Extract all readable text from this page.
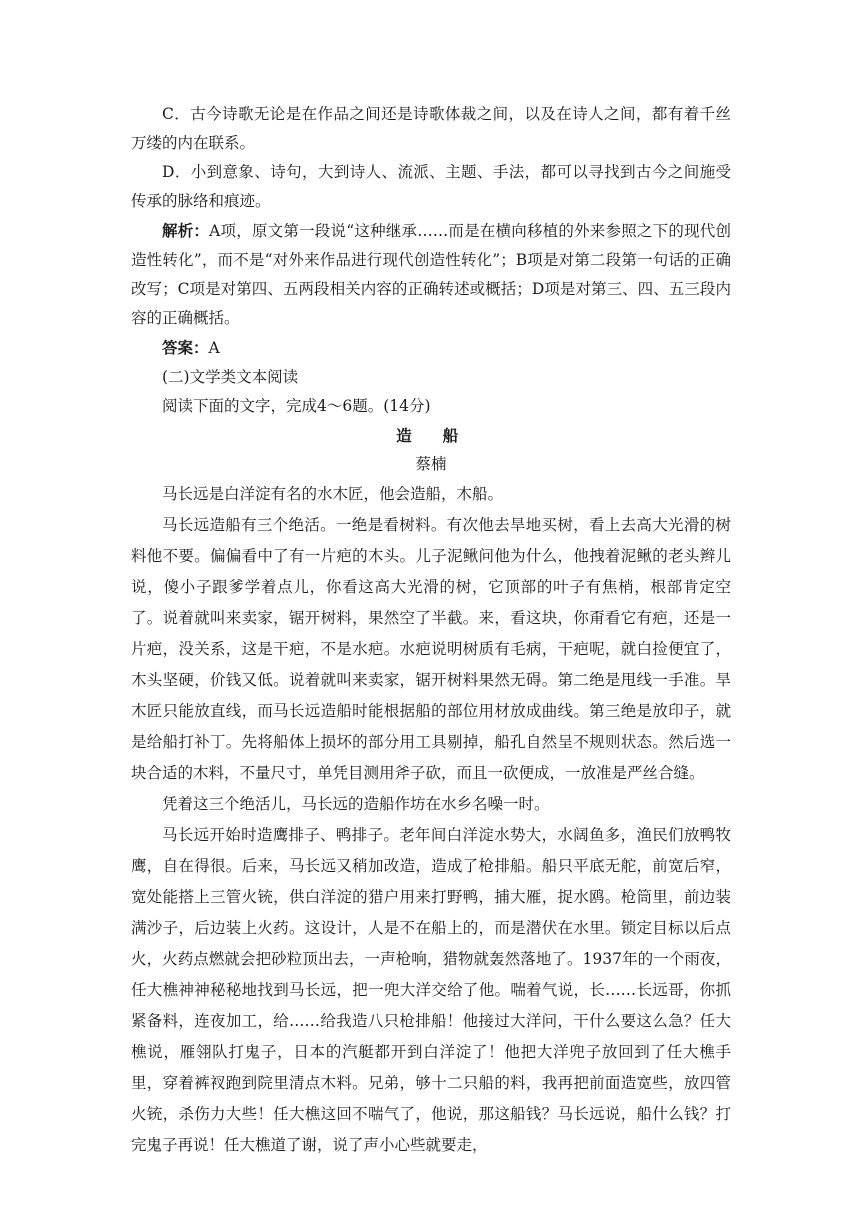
C．古今诗歌无论是在作品之间还是诗歌体裁之间，以及在诗人之间，都有着千丝万缕的内在联系。

D．小到意象、诗句，大到诗人、流派、主题、手法，都可以寻找到古今之间施受传承的脉络和痕迹。

解析：A项，原文第一段说“这种继承……而是在横向移植的外来参照之下的现代创造性转化”，而不是“对外来作品进行现代创造性转化”；B项是对第二段第一句话的正确改写；C项是对第四、五两段相关内容的正确转述或概括；D项是对第三、四、五三段内容的正确概括。

答案：A

(二)文学类文本阅读

阅读下面的文字，完成4～6题。(14分)

造　船

蔡楠

马长远是白洋淀有名的水木匠，他会造船，木船。

马长远造船有三个绝活。一绝是看树料。有次他去旱地买树，看上去高大光滑的树料他不要。偏偏看中了有一片疤的木头。儿子泥鳅问他为什么，他拽着泥鳅的老头辫儿说，傻小子跟爹学着点儿，你看这高大光滑的树，它顶部的叶子有焦梢，根部肯定空了。说着就叫来卖家，锯开树料，果然空了半截。来，看这块，你甭看它有疤，还是一片疤，没关系，这是干疤，不是水疤。水疤说明树质有毛病，干疤呢，就白捡便宜了，木头坚硬，价钱又低。说着就叫来卖家，锯开树料果然无碍。第二绝是甩线一手准。旱木匠只能放直线，而马长远造船时能根据船的部位用材放成曲线。第三绝是放印子，就是给船打补丁。先将船体上损坏的部分用工具剔掉，船孔自然呈不规则状态。然后选一块合适的木料，不量尺寸，单凭目测用斧子砍，而且一砍便成，一放准是严丝合缝。

凭着这三个绝活儿，马长远的造船作坊在水乡名噪一时。

马长远开始时造鹰排子、鸭排子。老年间白洋淀水势大，水阔鱼多，渔民们放鸭牧鹰，自在得很。后来，马长远又稍加改造，造成了枪排船。船只平底无舵，前宽后窄，宽处能搭上三管火铳，供白洋淀的猎户用来打野鸭，捕大雁，捉水鸥。枪筒里，前边装满沙子，后边装上火药。这设计，人是不在船上的，而是潜伏在水里。锁定目标以后点火，火药点燃就会把砂粒顶出去，一声枪响，猎物就轰然落地了。1937年的一个雨夜，任大樵神神秘秘地找到马长远，把一兜大洋交给了他。喘着气说，长……长远哥，你抓紧备料，连夜加工，给……给我造八只枪排船！他接过大洋问，干什么要这么急？任大樵说，雁翎队打鬼子，日本的汽艇都开到白洋淀了！他把大洋兜子放回到了任大樵手里，穿着裤衩跑到院里清点木料。兄弟，够十二只船的料，我再把前面造宽些，放四管火铳，杀伤力大些！任大樵这回不喘气了，他说，那这船钱？马长远说，船什么钱？打完鬼子再说！任大樵道了谢，说了声小心些就要走，
